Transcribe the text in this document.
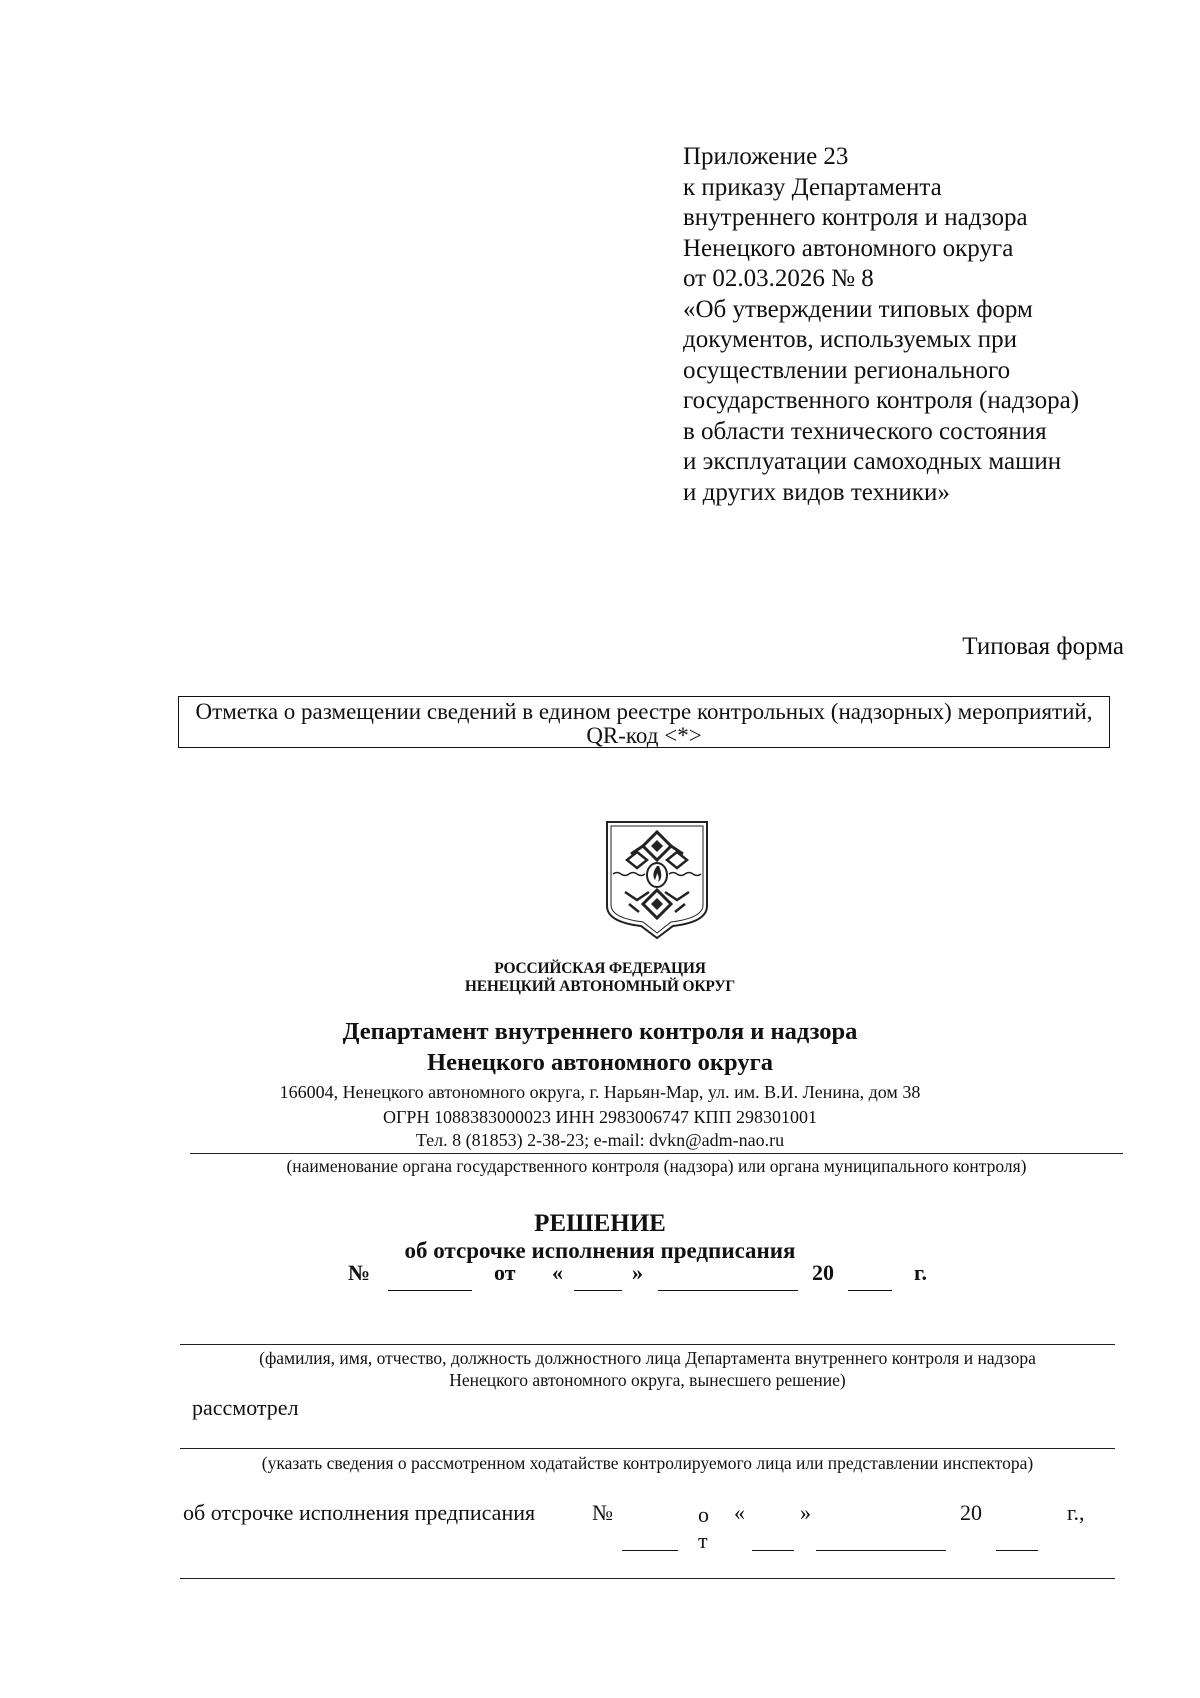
Приложение 23
к приказу Департамента
внутреннего контроля и надзора
Ненецкого автономного округа
от 02.03.2026 № 8
«Об утверждении типовых форм
документов, используемых при
осуществлении регионального
государственного контроля (надзора)
в области технического состояния
и эксплуатации самоходных машин
и других видов техники»
Типовая форма
Отметка о размещении сведений в едином реестре контрольных (надзорных) мероприятий,
QR-код <*>
РОССИЙСКАЯ ФЕДЕРАЦИЯ
НЕНЕЦКИЙ АВТОНОМНЫЙ ОКРУГ
Департамент внутреннего контроля и надзора
Ненецкого автономного округа
166004, Ненецкого автономного округа, г. Нарьян-Мар, ул. им. В.И. Ленина, дом 38
ОГРН 1088383000023 ИНН 2983006747 КПП 298301001
Тел. 8 (81853) 2-38-23; e-mail: dvkn@adm-nao.ru
(наименование органа государственного контроля (надзора) или органа муниципального контроля)
РЕШЕНИЕ
об отсрочке исполнения предписания
№	от «	»	20	г.
(фамилия, имя, отчество, должность должностного лица Департамента внутреннего контроля и надзора
Ненецкого автономного округа, вынесшего решение)
рассмотрел
(указать сведения о рассмотренном ходатайстве контролируемого лица или представлении инспектора)
об отсрочке исполнения предписания	№	о
т
«	»	20	г.,
